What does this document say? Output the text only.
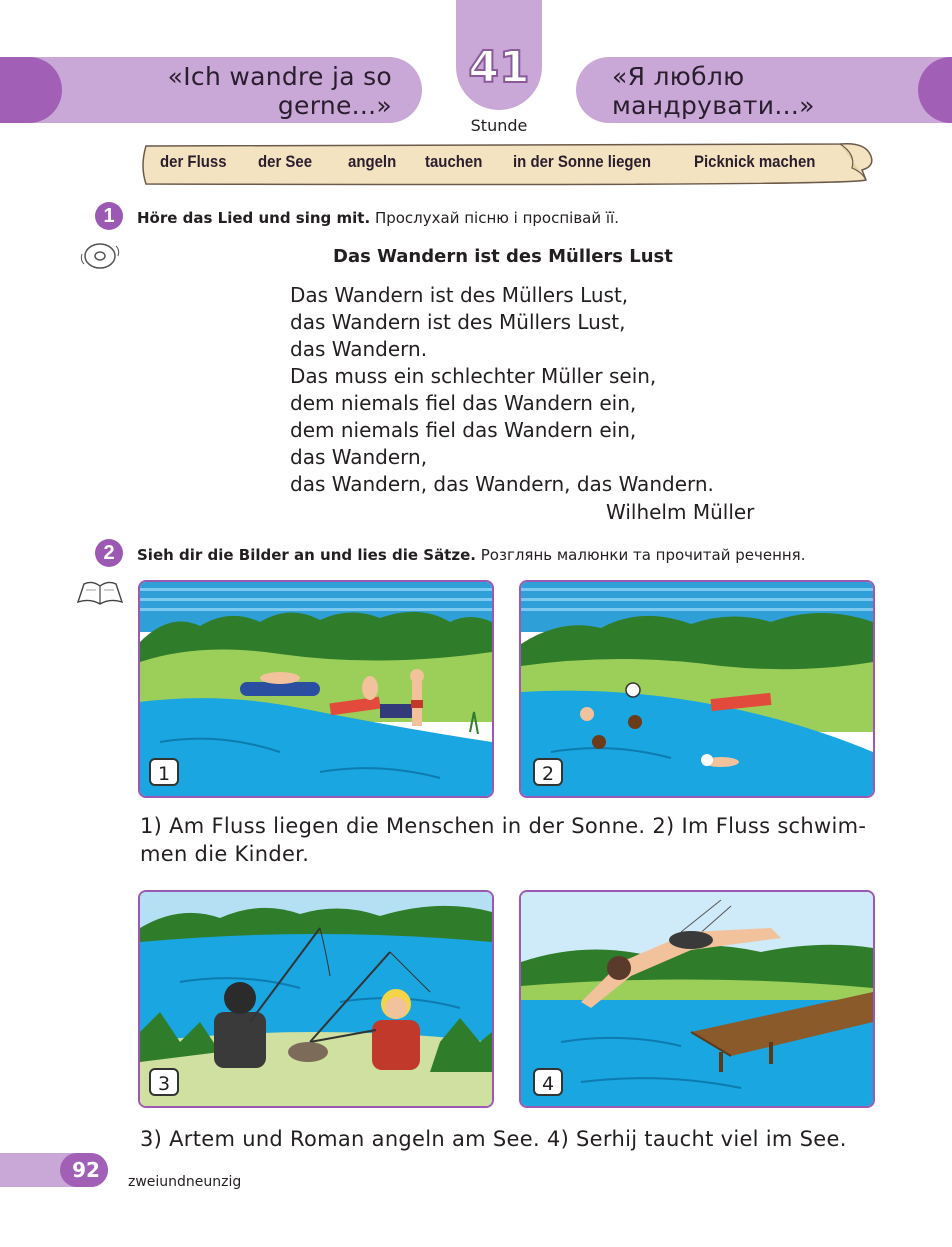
«Ich wandre ja so gerne...»
«Я люблю мандрувати...»
41
Stunde
der Fluss der See angeln tauchen in der Sonne liegen	Picknick machen
1	Höre das Lied und sing mit. Прослухай пісню і проспівай її.
Das Wandern ist des Müllers Lust
Das Wandern ist des Müllers Lust,
das Wandern ist des Müllers Lust,
das Wandern.
Das muss ein schlechter Müller sein,
dem niemals fiel das Wandern ein,
dem niemals fiel das Wandern ein,
das Wandern,
das Wandern, das Wandern, das Wandern.
Wilhelm Müller
2	Sieh dir die Bilder an und lies die Sätze. Розглянь малюнки та прочитай речення.
1	2
1) Am Fluss liegen die Menschen in der Sonne. 2) Im Fluss schwim-
men die Kinder.
3	4
3) Artem und Roman angeln am See. 4) Serhij taucht viel im See.
92	zweiundneunzig
